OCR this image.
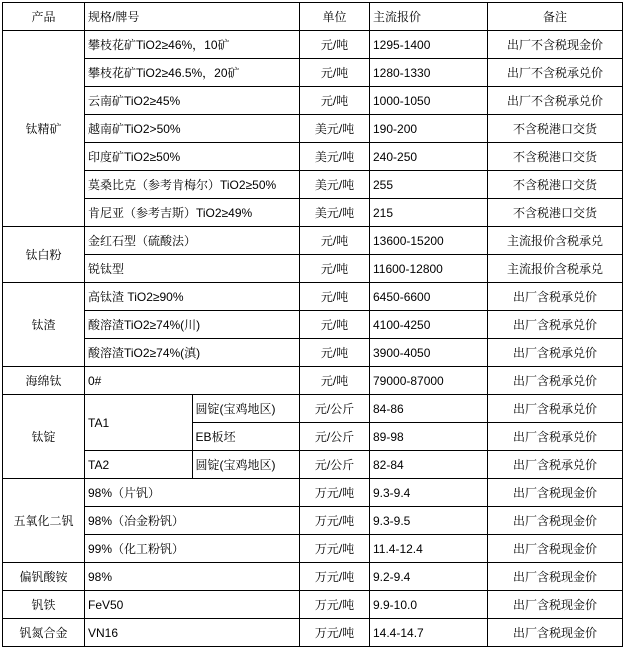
产品	规格/牌号		单位	主流报价	备注
钛精矿	攀枝花矿TiO2≥46%，10矿		元/吨	1295-1400	出厂不含税现金价
	攀枝花矿TiO2≥46.5%，20矿		元/吨	1280-1330	出厂不含税承兑价
	云南矿TiO2≥45%		元/吨	1000-1050	出厂不含税承兑价
	越南矿TiO2>50%		美元/吨	190-200	不含税港口交货
	印度矿TiO2≥50%		美元/吨	240-250	不含税港口交货
	莫桑比克（参考肯梅尔）TiO2≥50%		美元/吨	255	不含税港口交货
	肯尼亚（参考吉斯）TiO2≥49%		美元/吨	215	不含税港口交货
钛白粉	金红石型（硫酸法）		元/吨	13600-15200	主流报价含税承兑
	锐钛型		元/吨	11600-12800	主流报价含税承兑
钛渣	高钛渣 TiO2≥90%		元/吨	6450-6600	出厂含税承兑价
	酸溶渣TiO2≥74%(川)		元/吨	4100-4250	出厂含税承兑价
	酸溶渣TiO2≥74%(滇)		元/吨	3900-4050	出厂含税承兑价
海绵钛	0#		元/吨	79000-87000	出厂含税承兑价
钛锭	TA1	圆锭(宝鸡地区)	元/公斤	84-86	出厂含税承兑价
		EB板坯	元/公斤	89-98	出厂含税承兑价
	TA2	圆锭(宝鸡地区)	元/公斤	82-84	出厂含税承兑价
五氧化二钒	98%（片钒）		万元/吨	9.3-9.4	出厂含税现金价
	98%（冶金粉钒）		万元/吨	9.3-9.5	出厂含税现金价
	99%（化工粉钒）		万元/吨	11.4-12.4	出厂含税现金价
偏钒酸铵	98%		万元/吨	9.2-9.4	出厂含税现金价
钒铁	FeV50		万元/吨	9.9-10.0	出厂含税现金价
钒氮合金	VN16		万元/吨	14.4-14.7	出厂含税现金价
